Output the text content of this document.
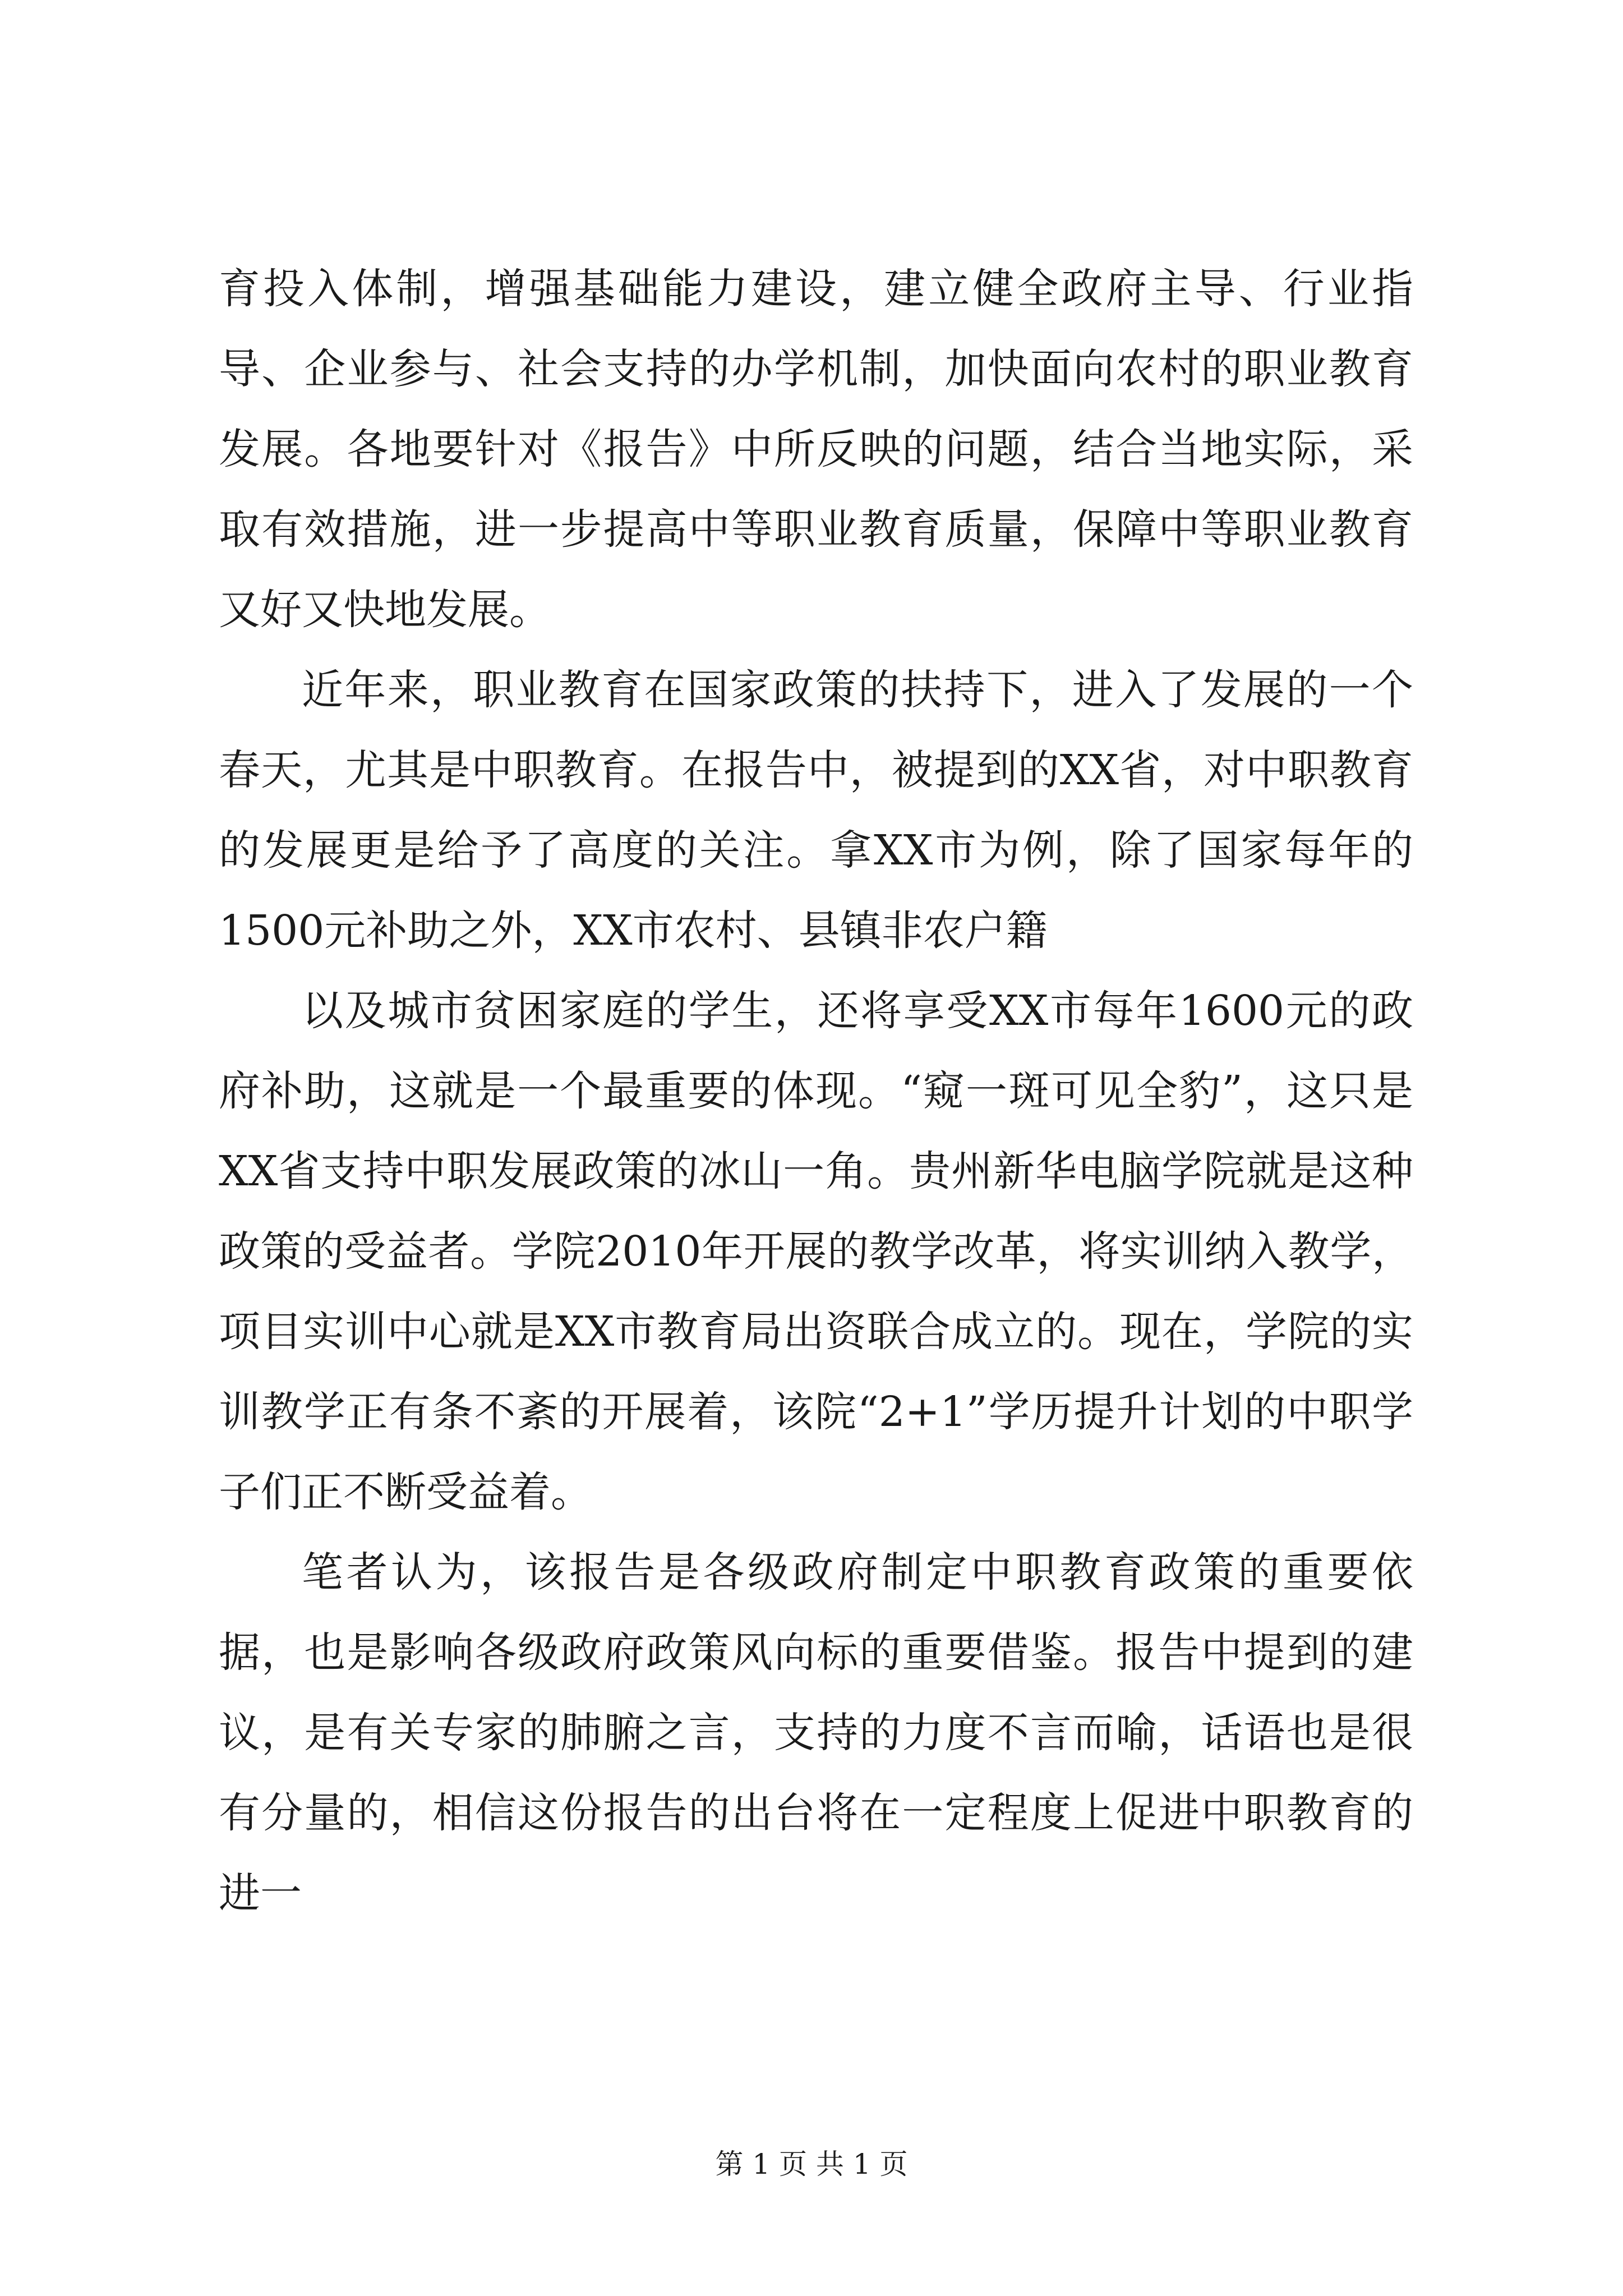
育投入体制，增强基础能力建设，建立健全政府主导、行业指导、企业参与、社会支持的办学机制，加快面向农村的职业教育发展。各地要针对《报告》中所反映的问题，结合当地实际，采取有效措施，进一步提高中等职业教育质量，保障中等职业教育又好又快地发展。

近年来，职业教育在国家政策的扶持下，进入了发展的一个春天，尤其是中职教育。在报告中，被提到的XX省，对中职教育的发展更是给予了高度的关注。拿XX市为例，除了国家每年的1500元补助之外，XX市农村、县镇非农户籍

以及城市贫困家庭的学生，还将享受XX市每年1600元的政府补助，这就是一个最重要的体现。“窥一斑可见全豹”，这只是XX省支持中职发展政策的冰山一角。贵州新华电脑学院就是这种政策的受益者。学院2010年开展的教学改革，将实训纳入教学，项目实训中心就是XX市教育局出资联合成立的。现在，学院的实训教学正有条不紊的开展着，该院“2+1”学历提升计划的中职学子们正不断受益着。

笔者认为，该报告是各级政府制定中职教育政策的重要依据，也是影响各级政府政策风向标的重要借鉴。报告中提到的建议，是有关专家的肺腑之言，支持的力度不言而喻，话语也是很有分量的，相信这份报告的出台将在一定程度上促进中职教育的进一

第 1 页 共 1 页
